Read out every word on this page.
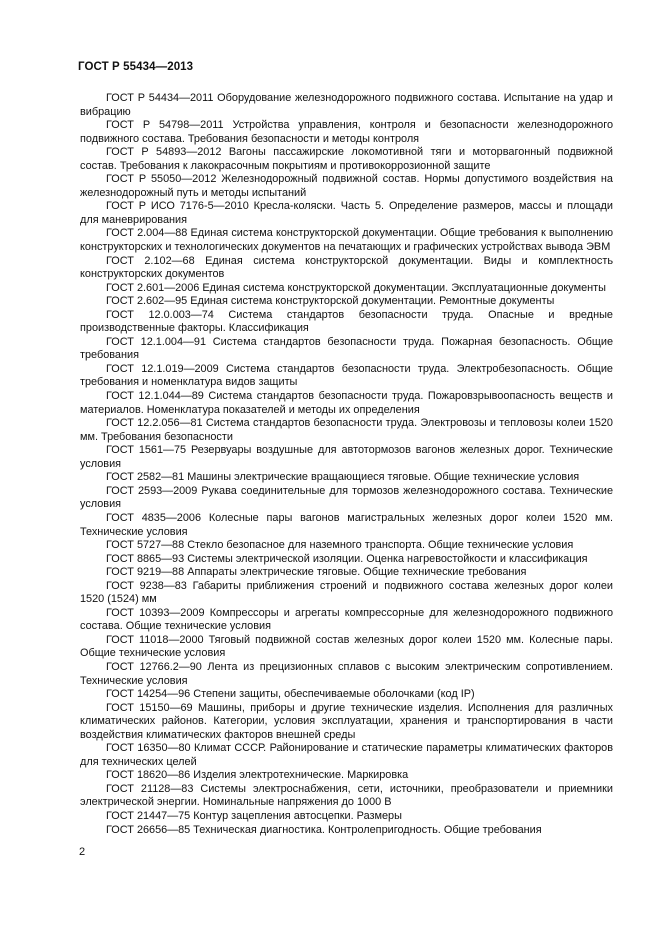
ГОСТ Р 55434—2013

ГОСТ Р 54434—2011 Оборудование железнодорожного подвижного состава. Испытание на удар и вибрацию

ГОСТ Р 54798—2011 Устройства управления, контроля и безопасности железнодорожного подвижного состава. Требования безопасности и методы контроля

ГОСТ Р 54893—2012 Вагоны пассажирские локомотивной тяги и моторвагонный подвижной состав. Требования к лакокрасочным покрытиям и противокоррозионной защите

ГОСТ Р 55050—2012 Железнодорожный подвижной состав. Нормы допустимого воздействия на железнодорожный путь и методы испытаний

ГОСТ Р ИСО 7176-5—2010 Кресла-коляски. Часть 5. Определение размеров, массы и площади для маневрирования

ГОСТ 2.004—88 Единая система конструкторской документации. Общие требования к выполнению конструкторских и технологических документов на печатающих и графических устройствах вывода ЭВМ

ГОСТ 2.102—68 Единая система конструкторской документации. Виды и комплектность конструкторских документов

ГОСТ 2.601—2006 Единая система конструкторской документации. Эксплуатационные документы

ГОСТ 2.602—95 Единая система конструкторской документации. Ремонтные документы

ГОСТ 12.0.003—74 Система стандартов безопасности труда. Опасные и вредные производственные факторы. Классификация

ГОСТ 12.1.004—91 Система стандартов безопасности труда. Пожарная безопасность. Общие требования

ГОСТ 12.1.019—2009 Система стандартов безопасности труда. Электробезопасность. Общие требования и номенклатура видов защиты

ГОСТ 12.1.044—89 Система стандартов безопасности труда. Пожаровзрывоопасность веществ и материалов. Номенклатура показателей и методы их определения

ГОСТ 12.2.056—81 Система стандартов безопасности труда. Электровозы и тепловозы колеи 1520 мм. Требования безопасности

ГОСТ 1561—75 Резервуары воздушные для автотормозов вагонов железных дорог. Технические условия

ГОСТ 2582—81 Машины электрические вращающиеся тяговые. Общие технические условия

ГОСТ 2593—2009 Рукава соединительные для тормозов железнодорожного состава. Технические условия

ГОСТ 4835—2006 Колесные пары вагонов магистральных железных дорог колеи 1520 мм. Технические условия

ГОСТ 5727—88 Стекло безопасное для наземного транспорта. Общие технические условия

ГОСТ 8865—93 Системы электрической изоляции. Оценка нагревостойкости и классификация

ГОСТ 9219—88 Аппараты электрические тяговые. Общие технические требования

ГОСТ 9238—83 Габариты приближения строений и подвижного состава железных дорог колеи 1520 (1524) мм

ГОСТ 10393—2009 Компрессоры и агрегаты компрессорные для железнодорожного подвижного состава. Общие технические условия

ГОСТ 11018—2000 Тяговый подвижной состав железных дорог колеи 1520 мм. Колесные пары. Общие технические условия

ГОСТ 12766.2—90 Лента из прецизионных сплавов с высоким электрическим сопротивлением. Технические условия

ГОСТ 14254—96 Степени защиты, обеспечиваемые оболочками (код IP)

ГОСТ 15150—69 Машины, приборы и другие технические изделия. Исполнения для различных климатических районов. Категории, условия эксплуатации, хранения и транспортирования в части воздействия климатических факторов внешней среды

ГОСТ 16350—80 Климат СССР. Районирование и статические параметры климатических факторов для технических целей

ГОСТ 18620—86 Изделия электротехнические. Маркировка

ГОСТ 21128—83 Системы электроснабжения, сети, источники, преобразователи и приемники электрической энергии. Номинальные напряжения до 1000 В

ГОСТ 21447—75 Контур зацепления автосцепки. Размеры

ГОСТ 26656—85 Техническая диагностика. Контролепригодность. Общие требования

2
